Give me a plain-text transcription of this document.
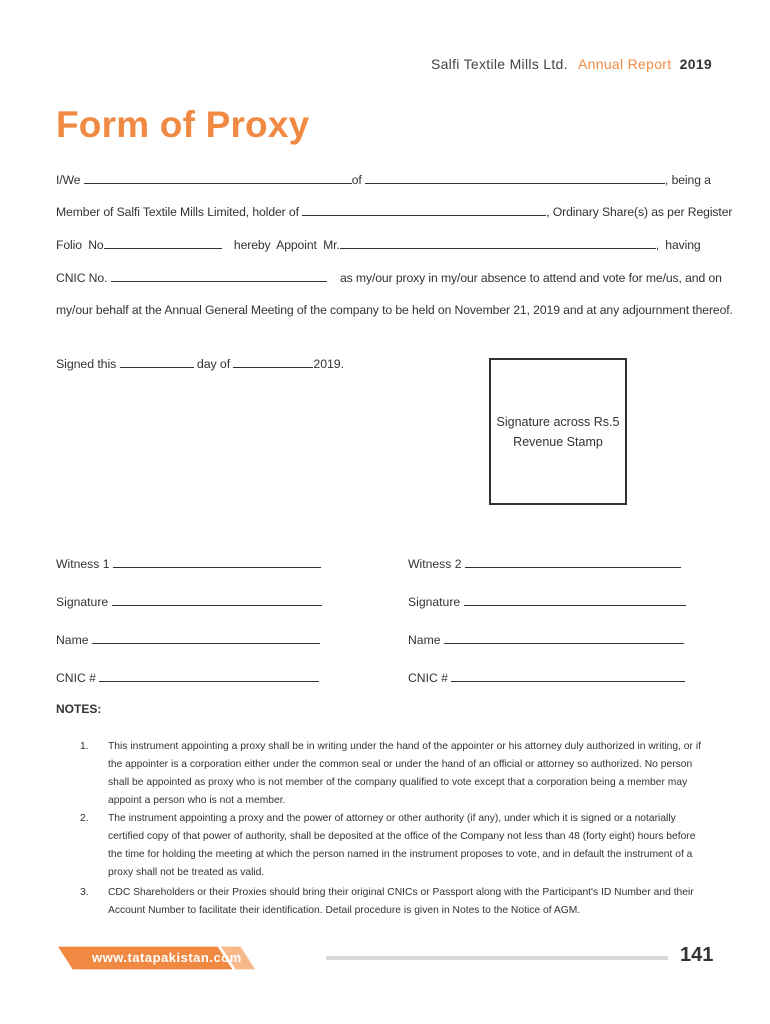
Salfi Textile Mills Ltd. Annual Report 2019
Form of Proxy
I/We	of	, being a
Member of Salfi Textile Mills Limited, holder of	, Ordinary Share(s) as per Register
Folio No	hereby Appoint Mr.	, having
CNIC No.	as my/our proxy in my/our absence to attend and vote for me/us, and on
my/our behalf at the Annual General Meeting of the company to be held on November 21, 2019 and at any adjournment thereof.
Signed this	day of	2019.
Signature across Rs.5
Revenue Stamp
Witness 1
Signature
Name
CNIC #
Witness 2
Signature
Name
CNIC #
NOTES:
1.	This instrument appointing a proxy shall be in writing under the hand of the appointer or his attorney duly authorized in writing, or if the appointer is a corporation either under the common seal or under the hand of an official or attorney so authorized. No person shall be appointed as proxy who is not member of the company qualified to vote except that a corporation being a member may appoint a person who is not a member.
2.	The instrument appointing a proxy and the power of attorney or other authority (if any), under which it is signed or a notarially certified copy of that power of authority, shall be deposited at the office of the Company not less than 48 (forty eight) hours before the time for holding the meeting at which the person named in the instrument proposes to vote, and in default the instrument of a proxy shall not be treated as valid.
3.	CDC Shareholders or their Proxies should bring their original CNICs or Passport along with the Participant's ID Number and their Account Number to facilitate their identification. Detail procedure is given in Notes to the Notice of AGM.
www.tatapakistan.com	141
